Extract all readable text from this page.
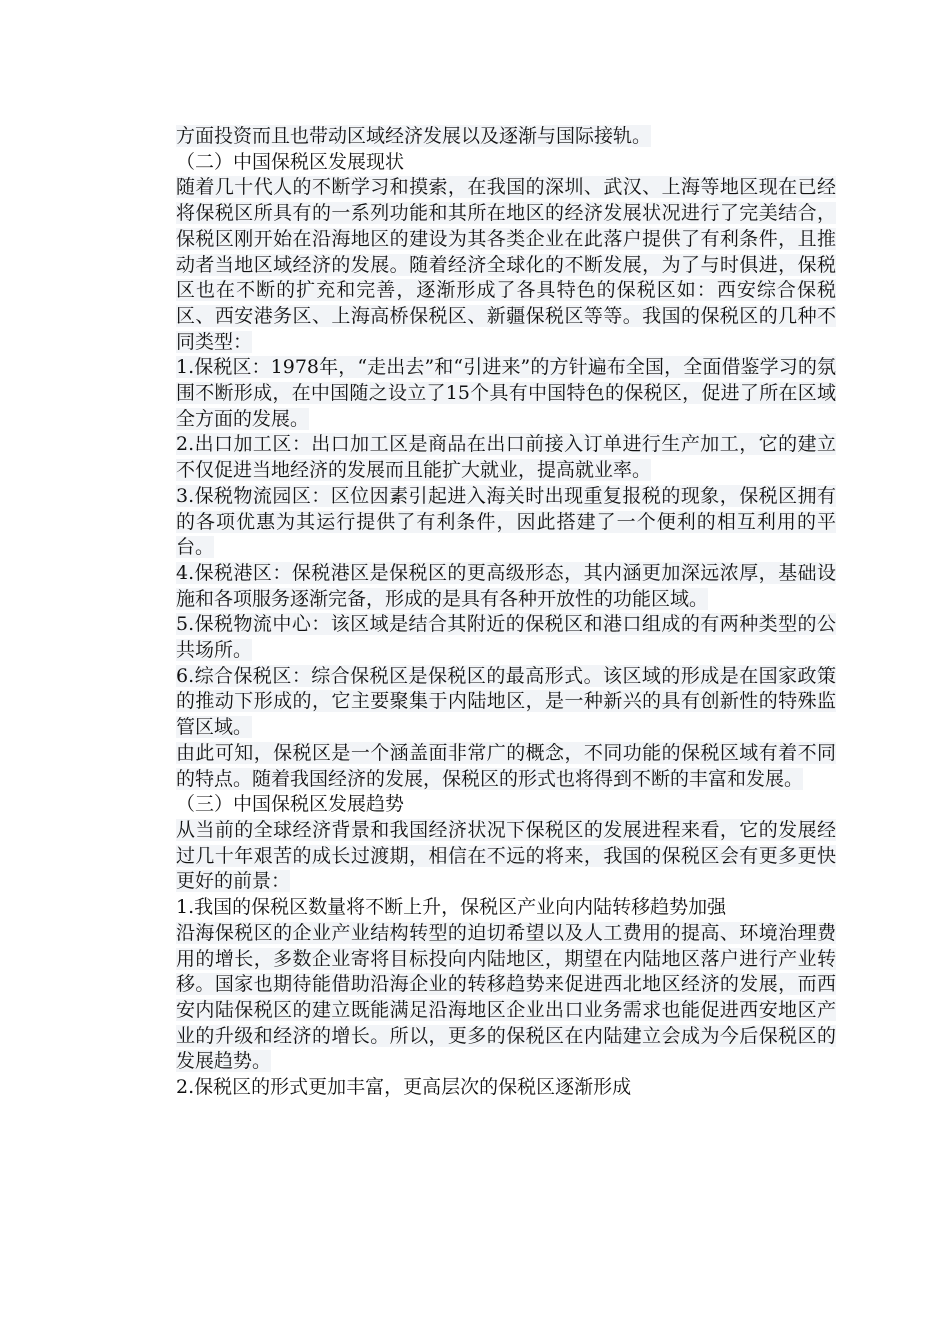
方面投资而且也带动区域经济发展以及逐渐与国际接轨。

（二）中国保税区发展现状

随着几十代人的不断学习和摸索，在我国的深圳、武汉、上海等地区现在已经将保税区所具有的一系列功能和其所在地区的经济发展状况进行了完美结合，保税区刚开始在沿海地区的建设为其各类企业在此落户提供了有利条件，且推动者当地区域经济的发展。随着经济全球化的不断发展，为了与时俱进，保税区也在不断的扩充和完善，逐渐形成了各具特色的保税区如：西安综合保税区、西安港务区、上海高桥保税区、新疆保税区等等。我国的保税区的几种不同类型：

1.保税区：1978年，“走出去”和“引进来”的方针遍布全国，全面借鉴学习的氛围不断形成，在中国随之设立了15个具有中国特色的保税区，促进了所在区域全方面的发展。

2.出口加工区：出口加工区是商品在出口前接入订单进行生产加工，它的建立不仅促进当地经济的发展而且能扩大就业，提高就业率。

3.保税物流园区：区位因素引起进入海关时出现重复报税的现象，保税区拥有的各项优惠为其运行提供了有利条件，因此搭建了一个便利的相互利用的平台。

4.保税港区：保税港区是保税区的更高级形态，其内涵更加深远浓厚，基础设施和各项服务逐渐完备，形成的是具有各种开放性的功能区域。

5.保税物流中心：该区域是结合其附近的保税区和港口组成的有两种类型的公共场所。

6.综合保税区：综合保税区是保税区的最高形式。该区域的形成是在国家政策的推动下形成的，它主要聚集于内陆地区，是一种新兴的具有创新性的特殊监管区域。

由此可知，保税区是一个涵盖面非常广的概念，不同功能的保税区域有着不同的特点。随着我国经济的发展，保税区的形式也将得到不断的丰富和发展。

（三）中国保税区发展趋势

从当前的全球经济背景和我国经济状况下保税区的发展进程来看，它的发展经过几十年艰苦的成长过渡期，相信在不远的将来，我国的保税区会有更多更快更好的前景：

1.我国的保税区数量将不断上升，保税区产业向内陆转移趋势加强

沿海保税区的企业产业结构转型的迫切希望以及人工费用的提高、环境治理费用的增长，多数企业寄将目标投向内陆地区，期望在内陆地区落户进行产业转移。国家也期待能借助沿海企业的转移趋势来促进西北地区经济的发展，而西安内陆保税区的建立既能满足沿海地区企业出口业务需求也能促进西安地区产业的升级和经济的增长。所以，更多的保税区在内陆建立会成为今后保税区的发展趋势。

2.保税区的形式更加丰富，更高层次的保税区逐渐形成
